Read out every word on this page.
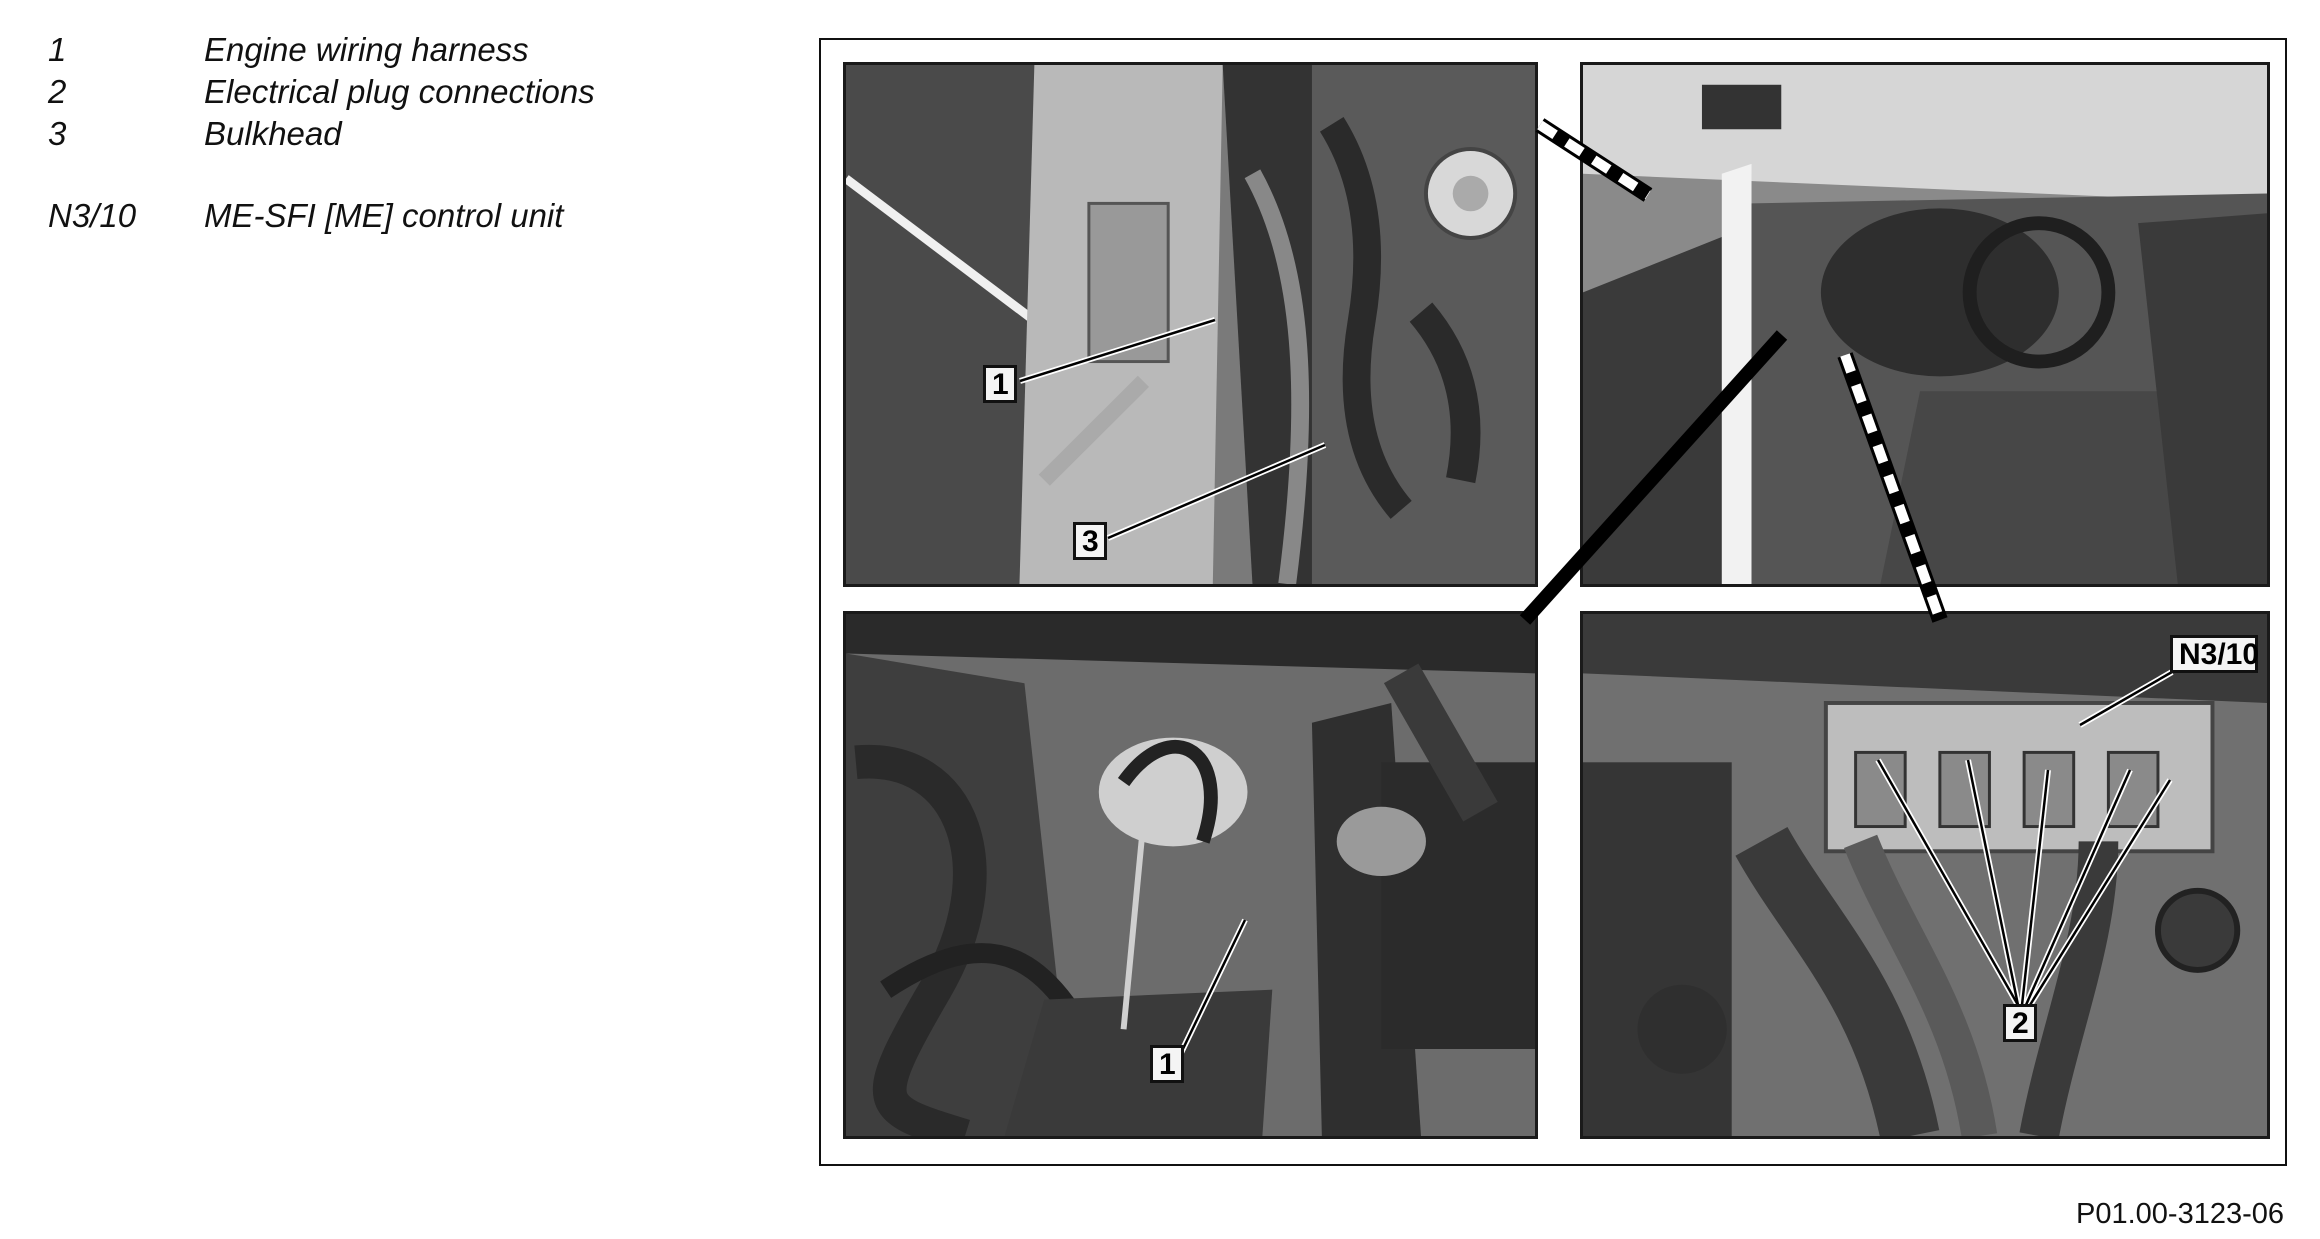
1	Engine wiring harness
2	Electrical plug connections
3	Bulkhead
N3/10 ME-SFI [ME] control unit
1
3
1
N3/10
2
P01.00-3123-06
